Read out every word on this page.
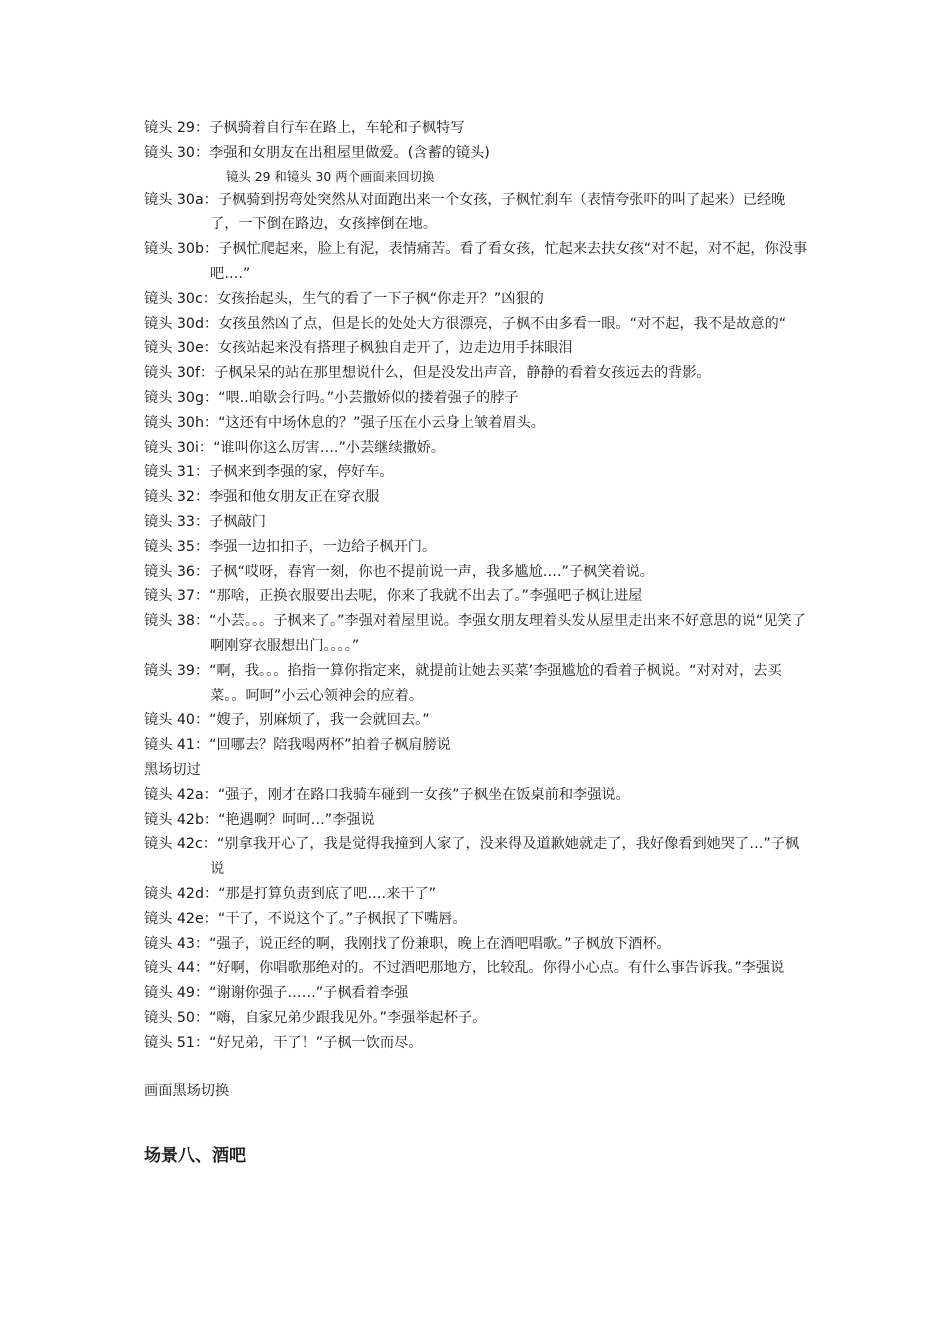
镜头 29：子枫骑着自行车在路上，车轮和子枫特写
镜头 30：李强和女朋友在出租屋里做爱。(含蓄的镜头)
镜头 29 和镜头 30 两个画面来回切换
镜头 30a：子枫骑到拐弯处突然从对面跑出来一个女孩，子枫忙刹车（表情夸张吓的叫了起来）已经晚了，一下倒在路边，女孩摔倒在地。
镜头 30b：子枫忙爬起来，脸上有泥，表情痛苦。看了看女孩，忙起来去扶女孩“对不起，对不起，你没事吧….”
镜头 30c：女孩抬起头，生气的看了一下子枫“你走开？”凶狠的
镜头 30d：女孩虽然凶了点，但是长的处处大方很漂亮，子枫不由多看一眼。“对不起，我不是故意的“
镜头 30e：女孩站起来没有搭理子枫独自走开了，边走边用手抹眼泪
镜头 30f：子枫呆呆的站在那里想说什么，但是没发出声音，静静的看着女孩远去的背影。
镜头 30g：“喂..咱歇会行吗。”小芸撒娇似的搂着强子的脖子
镜头 30h：“这还有中场休息的？”强子压在小云身上皱着眉头。
镜头 30i：“谁叫你这么厉害….”小芸继续撒娇。
镜头 31：子枫来到李强的家，停好车。
镜头 32：李强和他女朋友正在穿衣服
镜头 33：子枫敲门
镜头 35：李强一边扣扣子，一边给子枫开门。
镜头 36：子枫“哎呀，春宵一刻，你也不提前说一声，我多尴尬….”子枫笑着说。
镜头 37：“那啥，正换衣服要出去呢，你来了我就不出去了。”李强吧子枫让进屋
镜头 38：“小芸。。。子枫来了。”李强对着屋里说。李强女朋友理着头发从屋里走出来不好意思的说“见笑了啊刚穿衣服想出门。。。。”
镜头 39：“啊，我。。。掐指一算你指定来，就提前让她去买菜’李强尴尬的看着子枫说。“对对对，去买菜。。呵呵”小云心领神会的应着。
镜头 40：“嫂子，别麻烦了，我一会就回去。”
镜头 41：“回哪去？陪我喝两杯”拍着子枫肩膀说
黑场切过
镜头 42a：“强子，刚才在路口我骑车碰到一女孩”子枫坐在饭桌前和李强说。
镜头 42b：“艳遇啊？呵呵…”李强说
镜头 42c：“别拿我开心了，我是觉得我撞到人家了，没来得及道歉她就走了，我好像看到她哭了…”子枫说
镜头 42d：“那是打算负责到底了吧….来干了”
镜头 42e：“干了，不说这个了。”子枫抿了下嘴唇。
镜头 43：“强子，说正经的啊，我刚找了份兼职，晚上在酒吧唱歌。”子枫放下酒杯。
镜头 44：“好啊，你唱歌那绝对的。不过酒吧那地方，比较乱。你得小心点。有什么事告诉我。”李强说
镜头 49：“谢谢你强子……”子枫看着李强
镜头 50：“嗨，自家兄弟少跟我见外。”李强举起杯子。
镜头 51：“好兄弟，干了！”子枫一饮而尽。
画面黑场切换
场景八、酒吧
